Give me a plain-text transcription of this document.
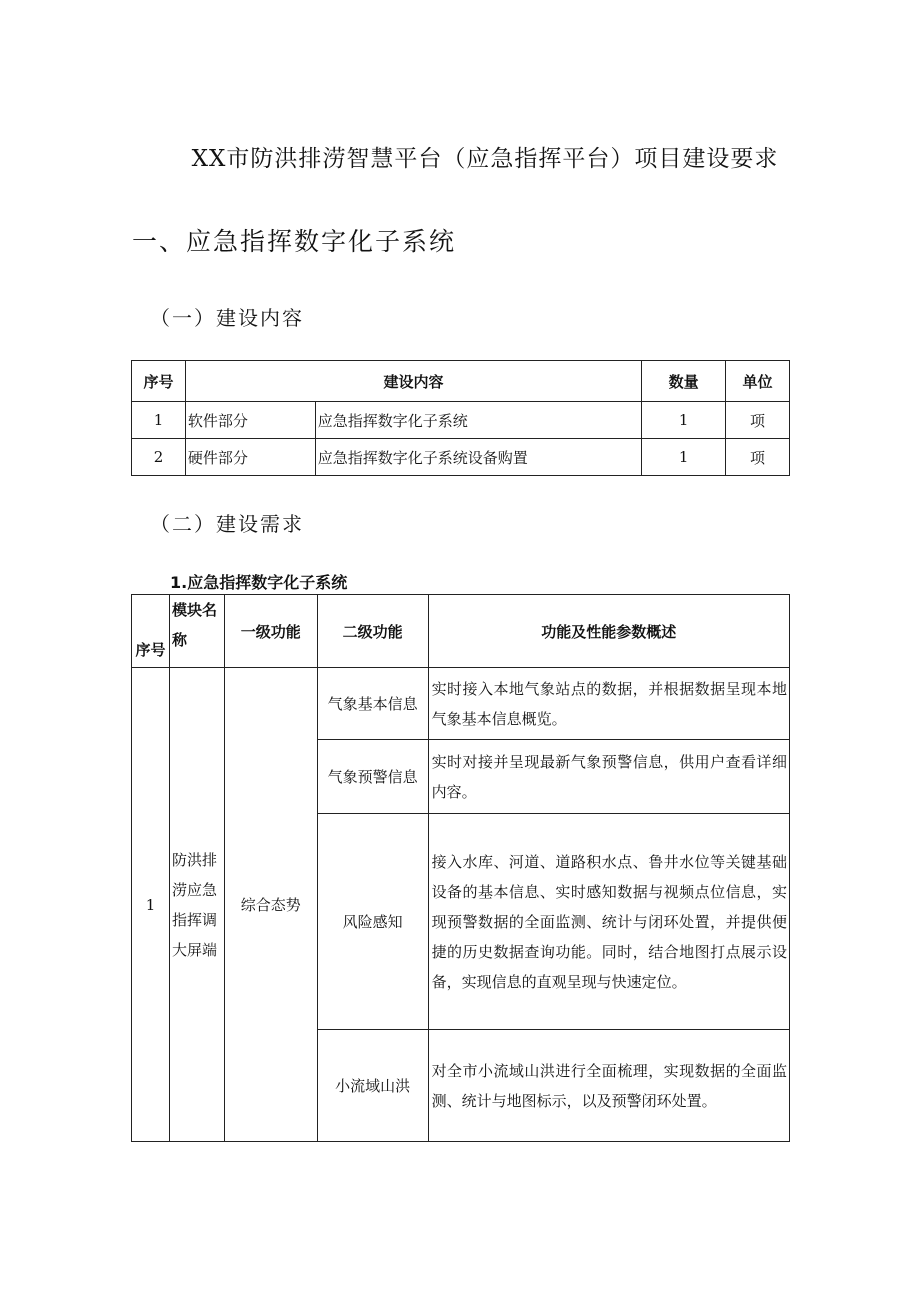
XX市防洪排涝智慧平台（应急指挥平台）项目建设要求
一、应急指挥数字化子系统
（一）建设内容
序号	建设内容		数量	单位
1	软件部分	应急指挥数字化子系统	1	项
2	硬件部分	应急指挥数字化子系统设备购置	1	项
（二）建设需求
1.应急指挥数字化子系统
序号	模块名称	一级功能	二级功能	功能及性能参数概述
1	防洪排涝应急指挥调大屏端	综合态势	气象基本信息	实时接入本地气象站点的数据，并根据数据呈现本地气象基本信息概览。
			气象预警信息	实时对接并呈现最新气象预警信息，供用户查看详细内容。
			风险感知	接入水库、河道、道路积水点、鲁井水位等关键基础设备的基本信息、实时感知数据与视频点位信息，实现预警数据的全面监测、统计与闭环处置，并提供便捷的历史数据查询功能。同时，结合地图打点展示设备，实现信息的直观呈现与快速定位。
			小流域山洪	对全市小流域山洪进行全面梳理，实现数据的全面监测、统计与地图标示，以及预警闭环处置。
